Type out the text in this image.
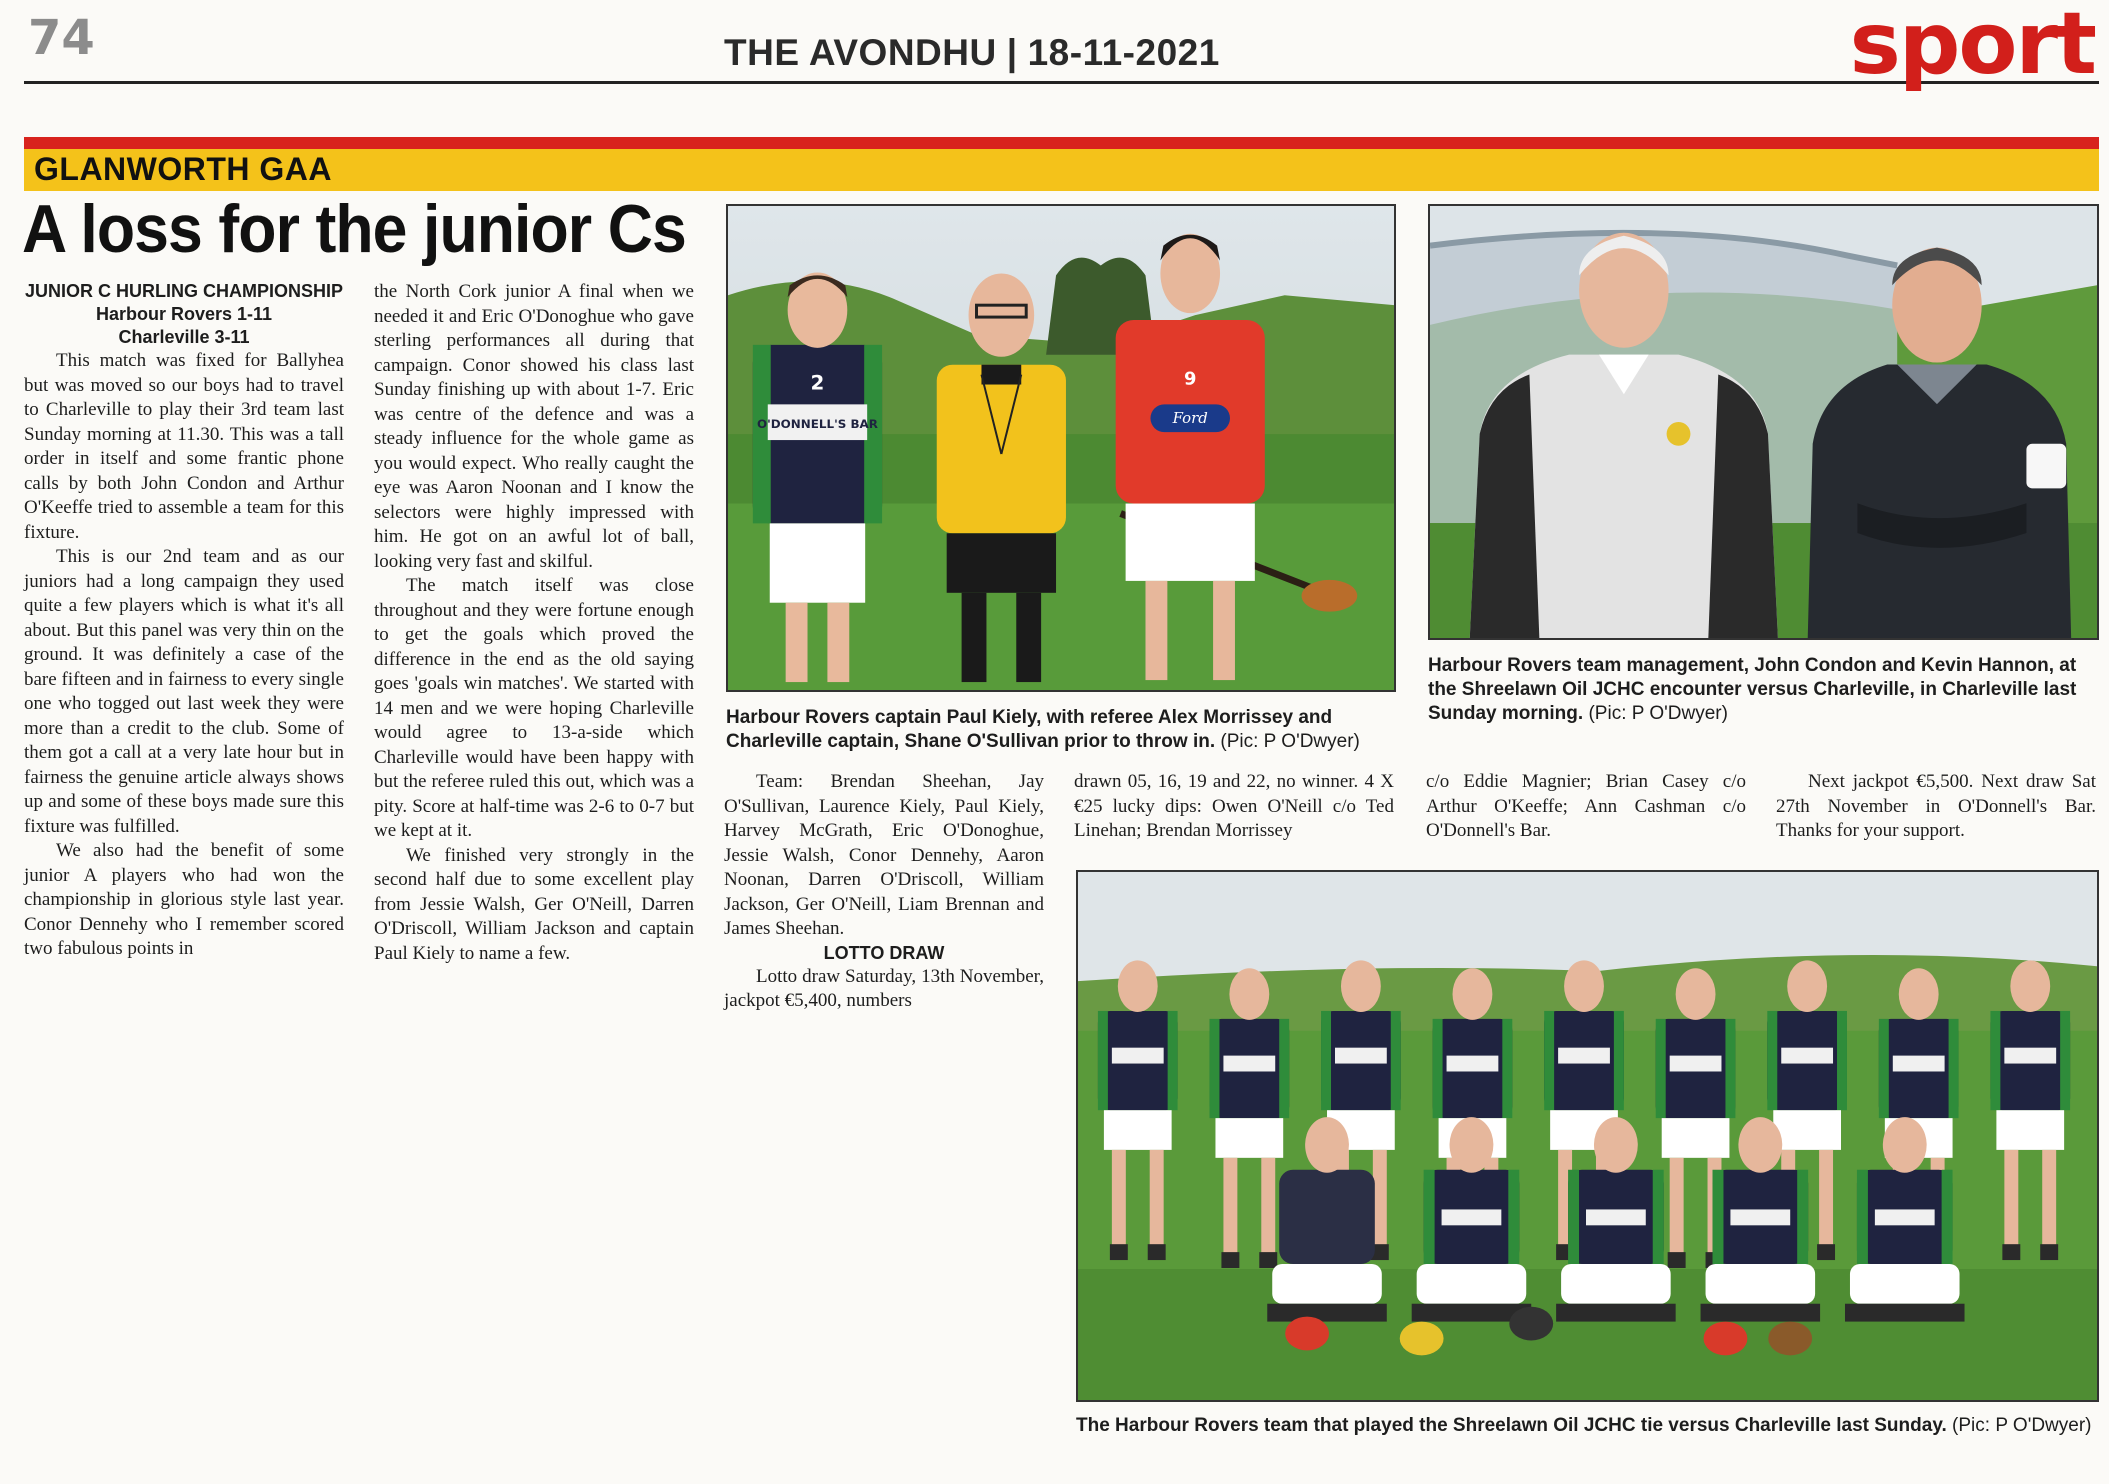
74	THE AVONDHU | 18-11-2021	sport
GLANWORTH GAA
A loss for the junior Cs
JUNIOR C HURLING CHAMPIONSHIP
Harbour Rovers 1-11
Charleville 3-11

This match was fixed for Ballyhea but was moved so our boys had to travel to Charleville to play their 3rd team last Sunday morning at 11.30. This was a tall order in itself and some frantic phone calls by both John Condon and Arthur O'Keeffe tried to assemble a team for this fixture.

This is our 2nd team and as our juniors had a long campaign they used quite a few players which is what it's all about. But this panel was very thin on the ground. It was definitely a case of the bare fifteen and in fairness to every single one who togged out last week they were more than a credit to the club. Some of them got a call at a very late hour but in fairness the genuine article always shows up and some of these boys made sure this fixture was fulfilled.

We also had the benefit of some junior A players who had won the championship in glorious style last year. Conor Dennehy who I remember scored two fabulous points in

the North Cork junior A final when we needed it and Eric O'Donoghue who gave sterling performances all during that campaign. Conor showed his class last Sunday finishing up with about 1-7. Eric was centre of the defence and was a steady influence for the whole game as you would expect. Who really caught the eye was Aaron Noonan and I know the selectors were highly impressed with him. He got on an awful lot of ball, looking very fast and skilful.

The match itself was close throughout and they were fortune enough to get the goals which proved the difference in the end as the old saying goes 'goals win matches'. We started with 14 men and we were hoping Charleville would agree to 13-a-side which Charleville would have been happy with but the referee ruled this out, which was a pity. Score at half-time was 2-6 to 0-7 but we kept at it.

We finished very strongly in the second half due to some excellent play from Jessie Walsh, Ger O'Neill, Darren O'Driscoll, William Jackson and captain Paul Kiely to name a few.

O'DONNELL'S BAR
2
Ford
9
Harbour Rovers captain Paul Kiely, with referee Alex Morrissey and Charleville captain, Shane O'Sullivan prior to throw in. (Pic: P O'Dwyer)
Harbour Rovers team management, John Condon and Kevin Hannon, at the Shreelawn Oil JCHC encounter versus Charleville, in Charleville last Sunday morning. (Pic: P O'Dwyer)

Team: Brendan Sheehan, Jay O'Sullivan, Laurence Kiely, Paul Kiely, Harvey McGrath, Eric O'Donoghue, Jessie Walsh, Conor Dennehy, Aaron Noonan, Darren O'Driscoll, William Jackson, Ger O'Neill, Liam Brennan and James Sheehan.

LOTTO DRAW

Lotto draw Saturday, 13th November, jackpot €5,400, numbers

drawn 05, 16, 19 and 22, no winner. 4 X €25 lucky dips: Owen O'Neill c/o Ted Linehan; Brendan Morrissey

c/o Eddie Magnier; Brian Casey c/o Arthur O'Keeffe; Ann Cashman c/o O'Donnell's Bar.

Next jackpot €5,500. Next draw Sat 27th November in O'Donnell's Bar. Thanks for your support.

The Harbour Rovers team that played the Shreelawn Oil JCHC tie versus Charleville last Sunday. (Pic: P O'Dwyer)
